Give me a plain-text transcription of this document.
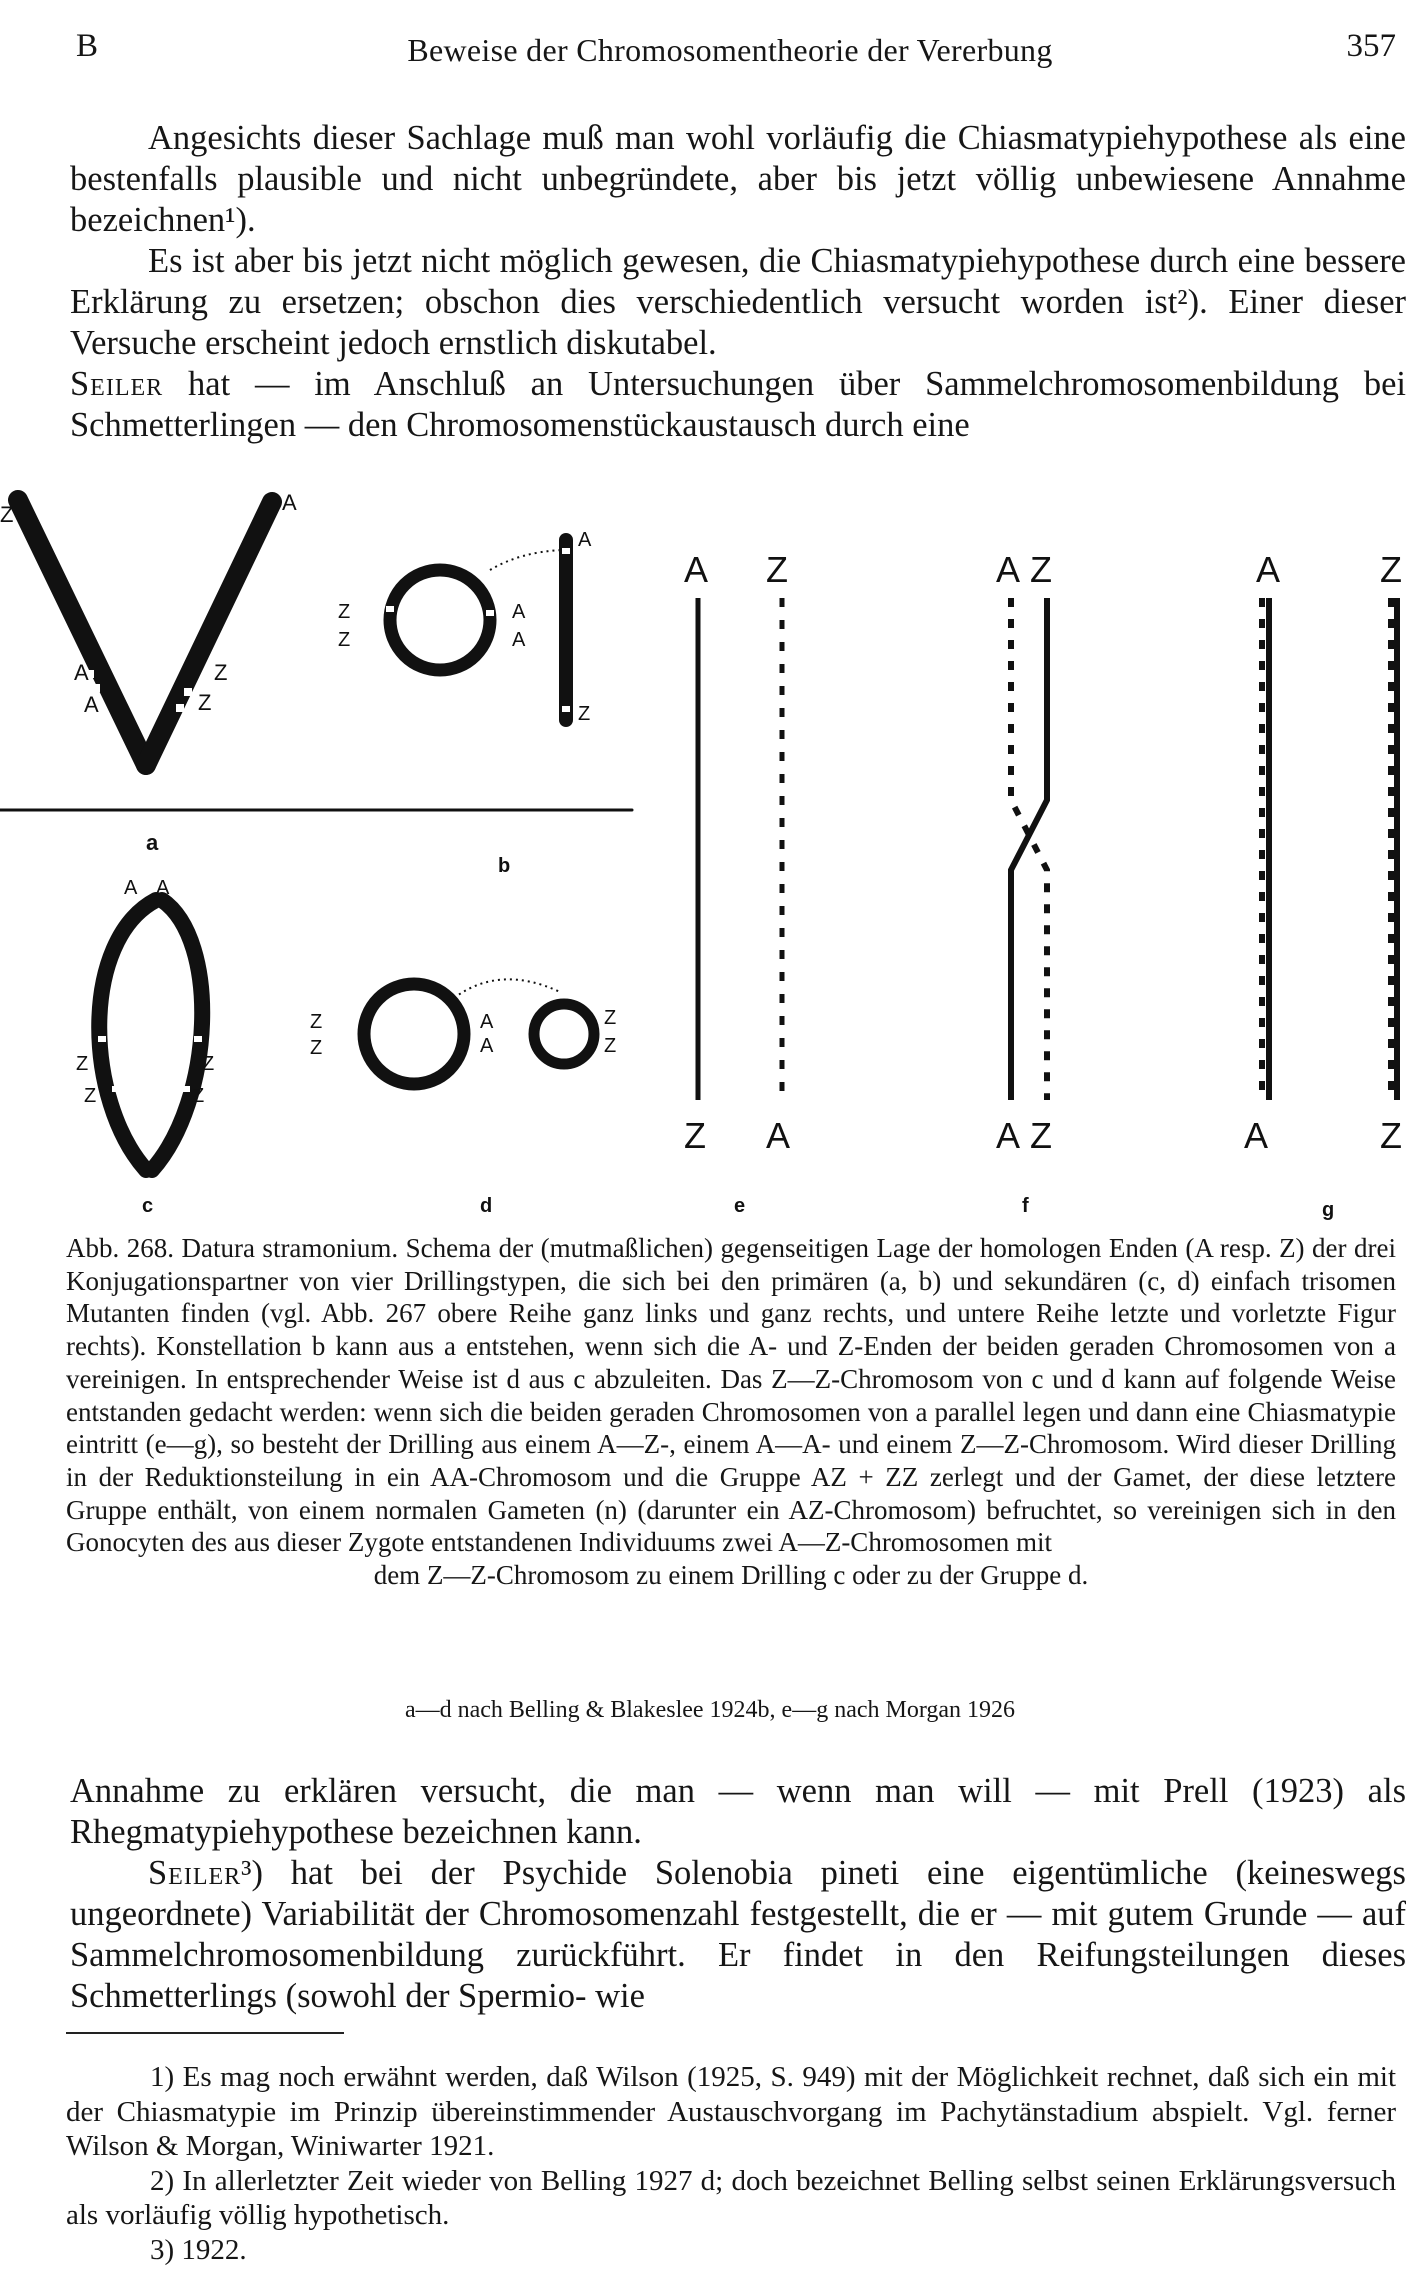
B	Beweise der Chromosomentheorie der Vererbung	357

Angesichts dieser Sachlage muß man wohl vorläufig die Chiasmatypiehypothese als eine bestenfalls plausible und nicht unbegründete, aber bis jetzt völlig unbewiesene Annahme bezeichnen¹).

Es ist aber bis jetzt nicht möglich gewesen, die Chiasmatypiehypothese durch eine bessere Erklärung zu ersetzen; obschon dies verschiedentlich versucht worden ist²). Einer dieser Versuche erscheint jedoch ernstlich diskutabel.

Seiler hat — im Anschluß an Untersuchungen über Sammelchromosomenbildung bei Schmetterlingen — den Chromosomenstückaustausch durch eine

Z	A
A
A
Z
Z
a
Z
Z
A
A
A
Z
b
A A
Z
Z
Z
Z
c
Z
Z
A
A
Z
Z
d
A Z
Z A
e
A Z
A Z
f
A	Z
A	Z
g
Abb. 268. Datura stramonium. Schema der (mutmaßlichen) gegenseitigen Lage der homologen Enden (A resp. Z) der drei Konjugationspartner von vier Drillingstypen, die sich bei den primären (a, b) und sekundären (c, d) einfach trisomen Mutanten finden (vgl. Abb. 267 obere Reihe ganz links und ganz rechts, und untere Reihe letzte und vorletzte Figur rechts). Konstellation b kann aus a entstehen, wenn sich die A- und Z-Enden der beiden geraden Chromosomen von a vereinigen. In entsprechender Weise ist d aus c abzuleiten. Das Z—Z-Chromosom von c und d kann auf folgende Weise entstanden gedacht werden: wenn sich die beiden geraden Chromosomen von a parallel legen und dann eine Chiasmatypie eintritt (e—g), so besteht der Drilling aus einem A—Z-, einem A—A- und einem Z—Z-Chromosom. Wird dieser Drilling in der Reduktionsteilung in ein AA-Chromosom und die Gruppe AZ + ZZ zerlegt und der Gamet, der diese letztere Gruppe enthält, von einem normalen Gameten (n) (darunter ein AZ-Chromosom) befruchtet, so vereinigen sich in den Gonocyten des aus dieser Zygote entstandenen Individuums zwei A—Z-Chromosomen mit
dem Z—Z-Chromosom zu einem Drilling c oder zu der Gruppe d.
a—d nach Belling & Blakeslee 1924b, e—g nach Morgan 1926

Annahme zu erklären versucht, die man — wenn man will — mit Prell (1923) als Rhegmatypiehypothese bezeichnen kann.

Seiler³) hat bei der Psychide Solenobia pineti eine eigentümliche (keineswegs ungeordnete) Variabilität der Chromosomenzahl festgestellt, die er — mit gutem Grunde — auf Sammelchromosomenbildung zurückführt. Er findet in den Reifungsteilungen dieses Schmetterlings (sowohl der Spermio- wie

1) Es mag noch erwähnt werden, daß Wilson (1925, S. 949) mit der Möglichkeit rechnet, daß sich ein mit der Chiasmatypie im Prinzip übereinstimmender Austauschvorgang im Pachytänstadium abspielt. Vgl. ferner Wilson & Morgan, Winiwarter 1921.

2) In allerletzter Zeit wieder von Belling 1927 d; doch bezeichnet Belling selbst seinen Erklärungsversuch als vorläufig völlig hypothetisch.

3) 1922.
